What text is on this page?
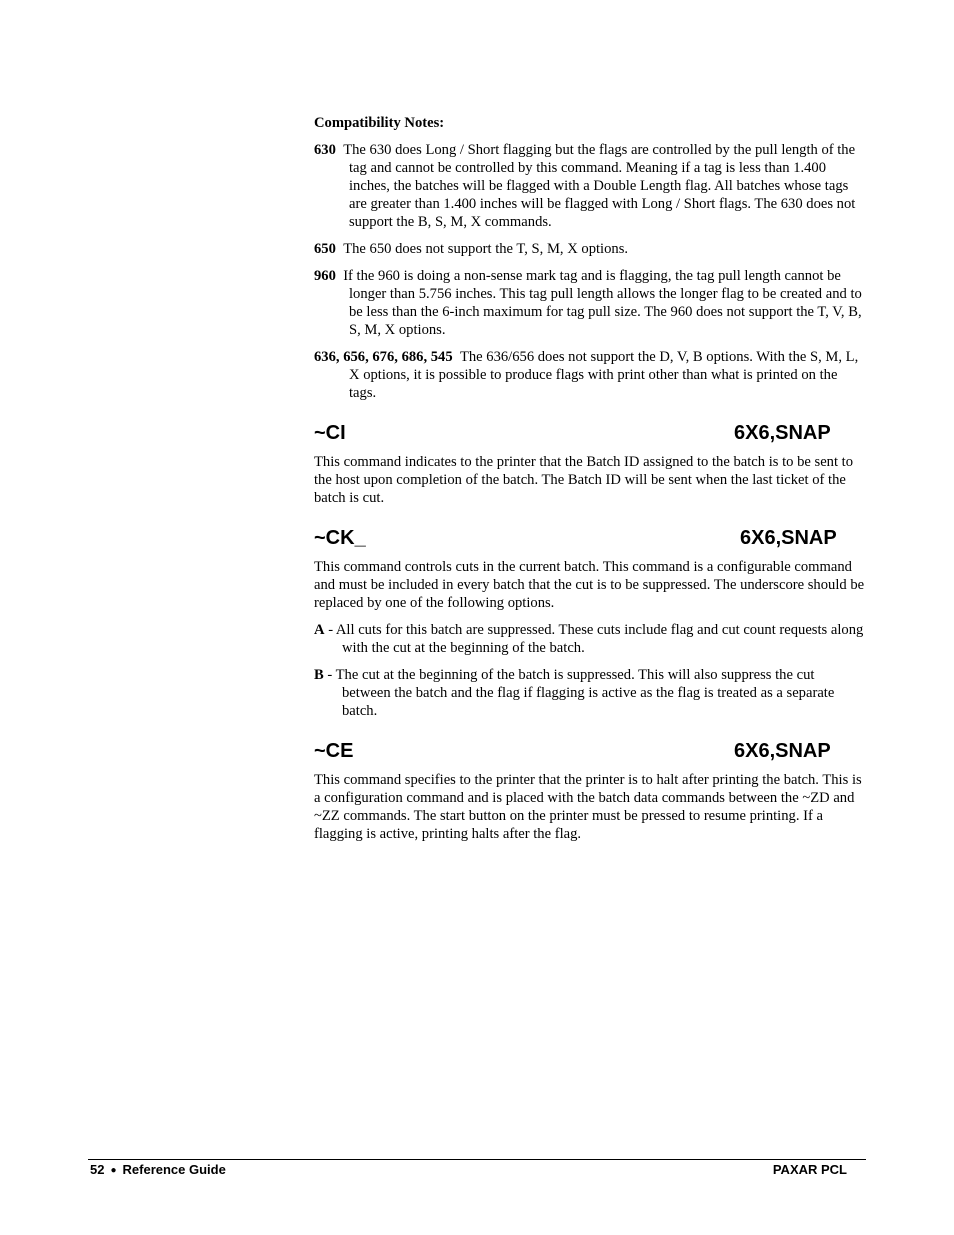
Compatibility Notes:

630 The 630 does Long / Short flagging but the flags are controlled by the pull length of the tag and cannot be controlled by this command. Meaning if a tag is less than 1.400 inches, the batches will be flagged with a Double Length flag. All batches whose tags are greater than 1.400 inches will be flagged with Long / Short flags. The 630 does not support the B, S, M, X commands.

650 The 650 does not support the T, S, M, X options.

960 If the 960 is doing a non-sense mark tag and is flagging, the tag pull length cannot be longer than 5.756 inches. This tag pull length allows the longer flag to be created and to be less than the 6-inch maximum for tag pull size. The 960 does not support the T, V, B, S, M, X options.

636, 656, 676, 686, 545 The 636/656 does not support the D, V, B options. With the S, M, L, X options, it is possible to produce flags with print other than what is printed on the tags.

~CI	6X6,SNAP

This command indicates to the printer that the Batch ID assigned to the batch is to be sent to the host upon completion of the batch. The Batch ID will be sent when the last ticket of the batch is cut.

~CK_	6X6,SNAP

This command controls cuts in the current batch. This command is a configurable command and must be included in every batch that the cut is to be suppressed. The underscore should be replaced by one of the following options.

A - All cuts for this batch are suppressed. These cuts include flag and cut count requests along with the cut at the beginning of the batch.

B - The cut at the beginning of the batch is suppressed. This will also suppress the cut between the batch and the flag if flagging is active as the flag is treated as a separate batch.

~CE	6X6,SNAP

This command specifies to the printer that the printer is to halt after printing the batch. This is a configuration command and is placed with the batch data commands between the ~ZD and ~ZZ commands. The start button on the printer must be pressed to resume printing. If a flagging is active, printing halts after the flag.

52 ● Reference Guide	PAXAR PCL
